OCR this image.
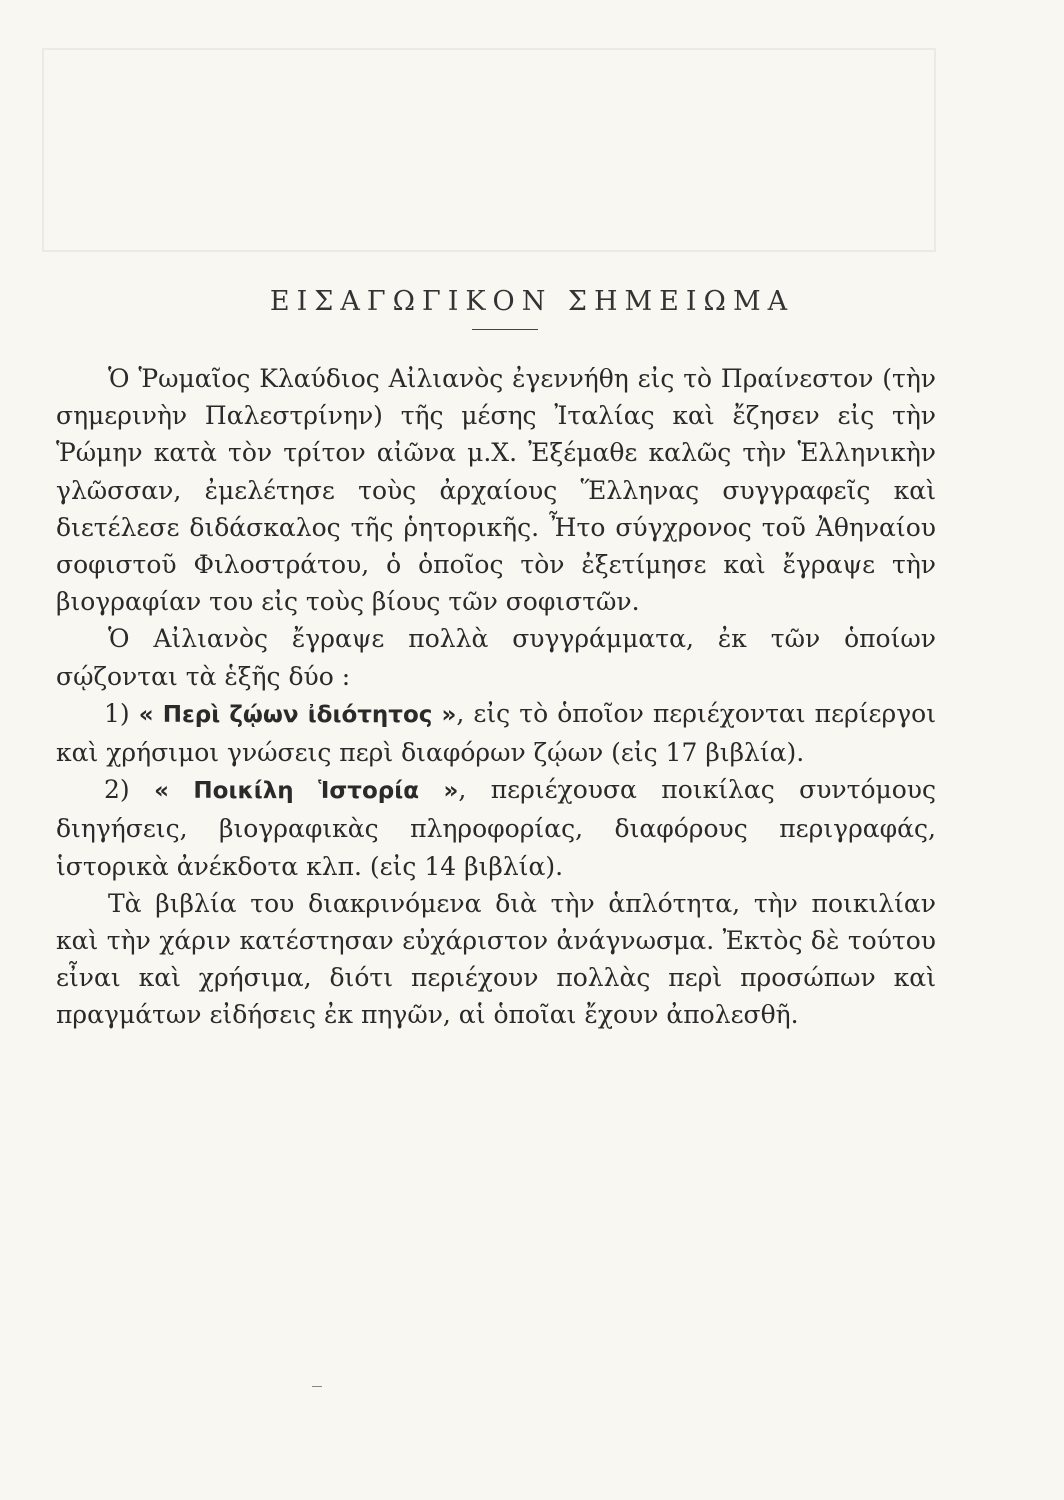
ΕΙΣΑΓΩΓΙΚΟΝ ΣΗΜΕΙΩΜΑ

Ὁ Ῥωμαῖος Κλαύδιος Αἰλιανὸς ἐγεννήθη εἰς τὸ Πραίνεστον (τὴν σημερινὴν Παλεστρίνην) τῆς μέσης Ἰταλίας καὶ ἔζησεν εἰς τὴν Ῥώμην κατὰ τὸν τρίτον αἰῶνα μ.Χ. Ἐξέμαθε καλῶς τὴν Ἑλληνικὴν γλῶσσαν, ἐμελέτησε τοὺς ἀρχαίους Ἕλληνας συγγραφεῖς καὶ διετέλεσε διδάσκαλος τῆς ῥητορικῆς. Ἦτο σύγχρονος τοῦ Ἀθηναίου σοφιστοῦ Φιλοστράτου, ὁ ὁποῖος τὸν ἐξετίμησε καὶ ἔγραψε τὴν βιογραφίαν του εἰς τοὺς βίους τῶν σοφιστῶν.

Ὁ Αἰλιανὸς ἔγραψε πολλὰ συγγράμματα, ἐκ τῶν ὁποίων σῴζονται τὰ ἑξῆς δύο :

1) « Περὶ ζῴων ἰδιότητος », εἰς τὸ ὁποῖον περιέχονται περίεργοι καὶ χρήσιμοι γνώσεις περὶ διαφόρων ζῴων (εἰς 17 βιβλία).

2) « Ποικίλη Ἱστορία », περιέχουσα ποικίλας συντόμους διηγήσεις, βιογραφικὰς πληροφορίας, διαφόρους περιγραφάς, ἱστορικὰ ἀνέκδοτα κλπ. (εἰς 14 βιβλία).

Τὰ βιβλία του διακρινόμενα διὰ τὴν ἁπλότητα, τὴν ποικιλίαν καὶ τὴν χάριν κατέστησαν εὐχάριστον ἀνάγνωσμα. Ἐκτὸς δὲ τούτου εἶναι καὶ χρήσιμα, διότι περιέχουν πολλὰς περὶ προσώπων καὶ πραγμάτων εἰδήσεις ἐκ πηγῶν, αἱ ὁποῖαι ἔχουν ἀπολεσθῆ.
